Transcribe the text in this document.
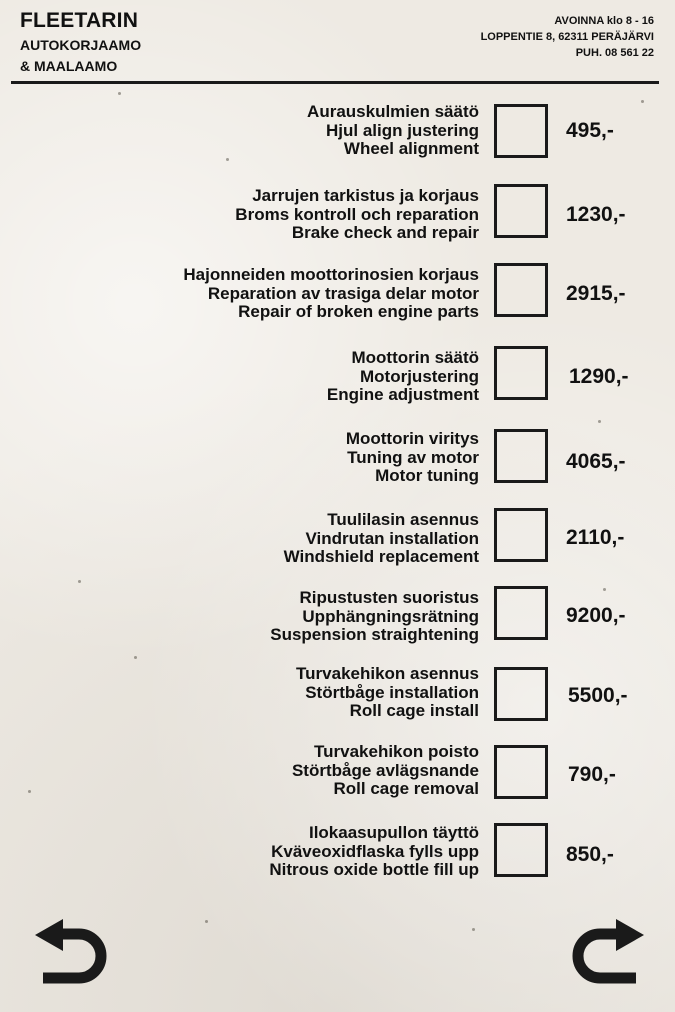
FLEETARIN
AUTOKORJAAMO
& MAALAAMO
AVOINNA klo 8 - 16
LOPPENTIE 8, 62311 PERÄJÄRVI
PUH. 08 561 22
Aurauskulmien säätö
Hjul align justering
Wheel alignment
495,-
Jarrujen tarkistus ja korjaus
Broms kontroll och reparation
Brake check and repair
1230,-
Hajonneiden moottorinosien korjaus
Reparation av trasiga delar motor
Repair of broken engine parts
2915,-
Moottorin säätö
Motorjustering
Engine adjustment
1290,-
Moottorin viritys
Tuning av motor
Motor tuning
4065,-
Tuulilasin asennus
Vindrutan installation
Windshield replacement
2110,-
Ripustusten suoristus
Upphängningsrätning
Suspension straightening
9200,-
Turvakehikon asennus
Störtbåge installation
Roll cage install
5500,-
Turvakehikon poisto
Störtbåge avlägsnande
Roll cage removal
790,-
Ilokaasupullon täyttö
Kväveoxidflaska fylls upp
Nitrous oxide bottle fill up
850,-
